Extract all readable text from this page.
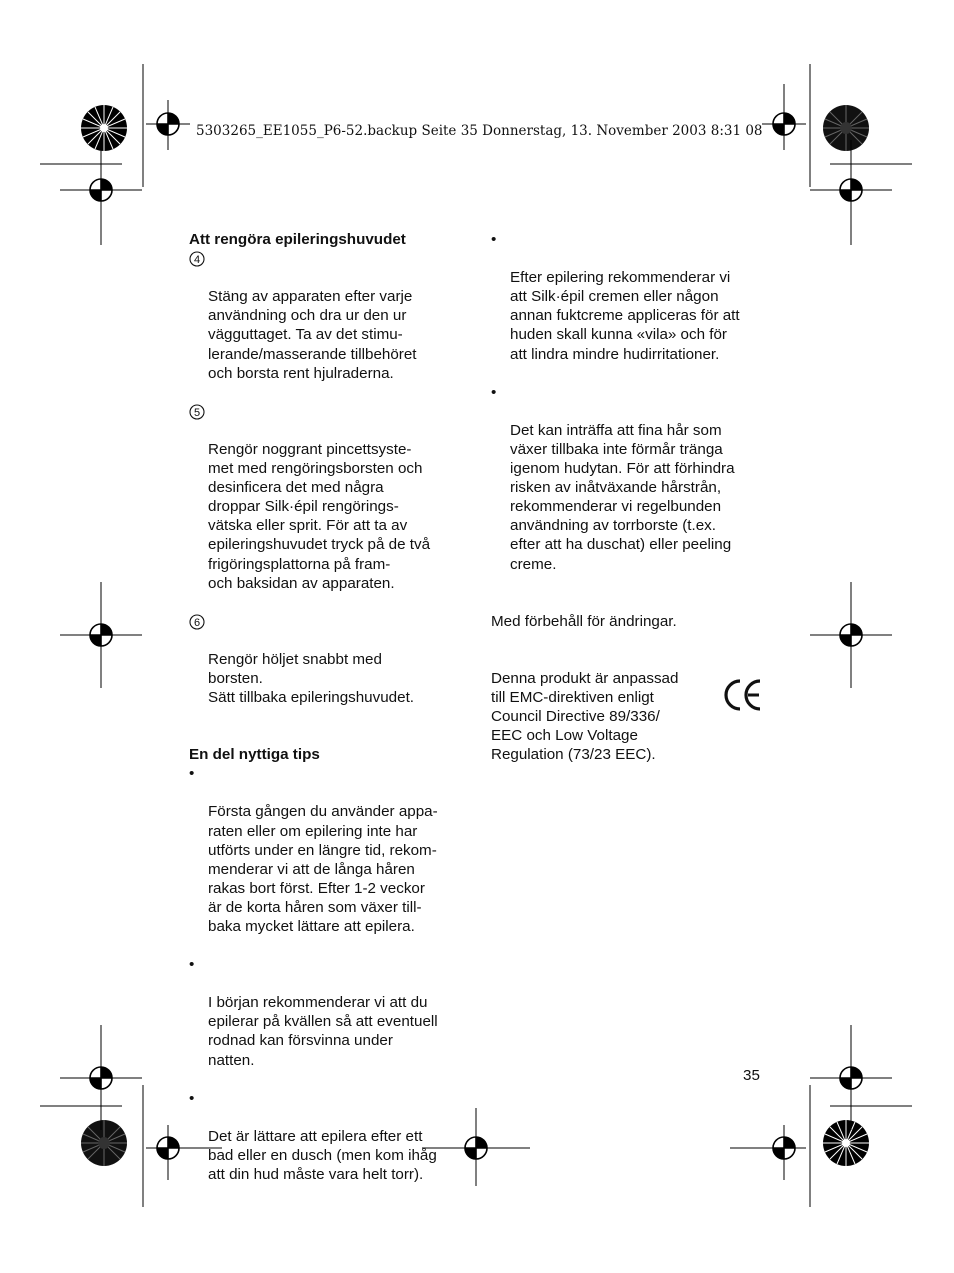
5303265_EE1055_P6-52.backup Seite 35 Donnerstag, 13. November 2003 8:31 08
Att rengöra epileringshuvudet

4

Stäng av apparaten efter varje
användning och dra ur den ur
vägguttaget. Ta av det stimu-
lerande/masserande tillbehöret
och borsta rent hjulraderna.

5

Rengör noggrant pincettsyste-
met med rengöringsborsten och
desinficera det med några
droppar Silk·épil rengörings-
vätska eller sprit. För att ta av
epileringshuvudet tryck på de två
frigöringsplattorna på fram-
och baksidan av apparaten.

6

Rengör höljet snabbt med
borsten.
Sätt tillbaka epileringshuvudet.

En del nyttiga tips

•

Första gången du använder appa-
raten eller om epilering inte har
utförts under en längre tid, rekom-
menderar vi att de långa håren
rakas bort först. Efter 1-2 veckor
är de korta håren som växer till-
baka mycket lättare att epilera.

•

I början rekommenderar vi att du
epilerar på kvällen så att eventuell
rodnad kan försvinna under
natten.

•

Det är lättare att epilera efter ett
bad eller en dusch (men kom ihåg
att din hud måste vara helt torr).

•

Efter epilering rekommenderar vi
att Silk·épil cremen eller någon
annan fuktcreme appliceras för att
huden skall kunna «vila» och för
att lindra mindre hudirritationer.

•

Det kan inträffa att fina hår som
växer tillbaka inte förmår tränga
igenom hudytan. För att förhindra
risken av inåtväxande hårstrån,
rekommenderar vi regelbunden
användning av torrborste (t.ex.
efter att ha duschat) eller peeling
creme.

Med förbehåll för ändringar.
Denna produkt är anpassad
till EMC-direktiven enligt
Council Directive 89/336/
EEC och Low Voltage
Regulation (73/23 EEC).
35
